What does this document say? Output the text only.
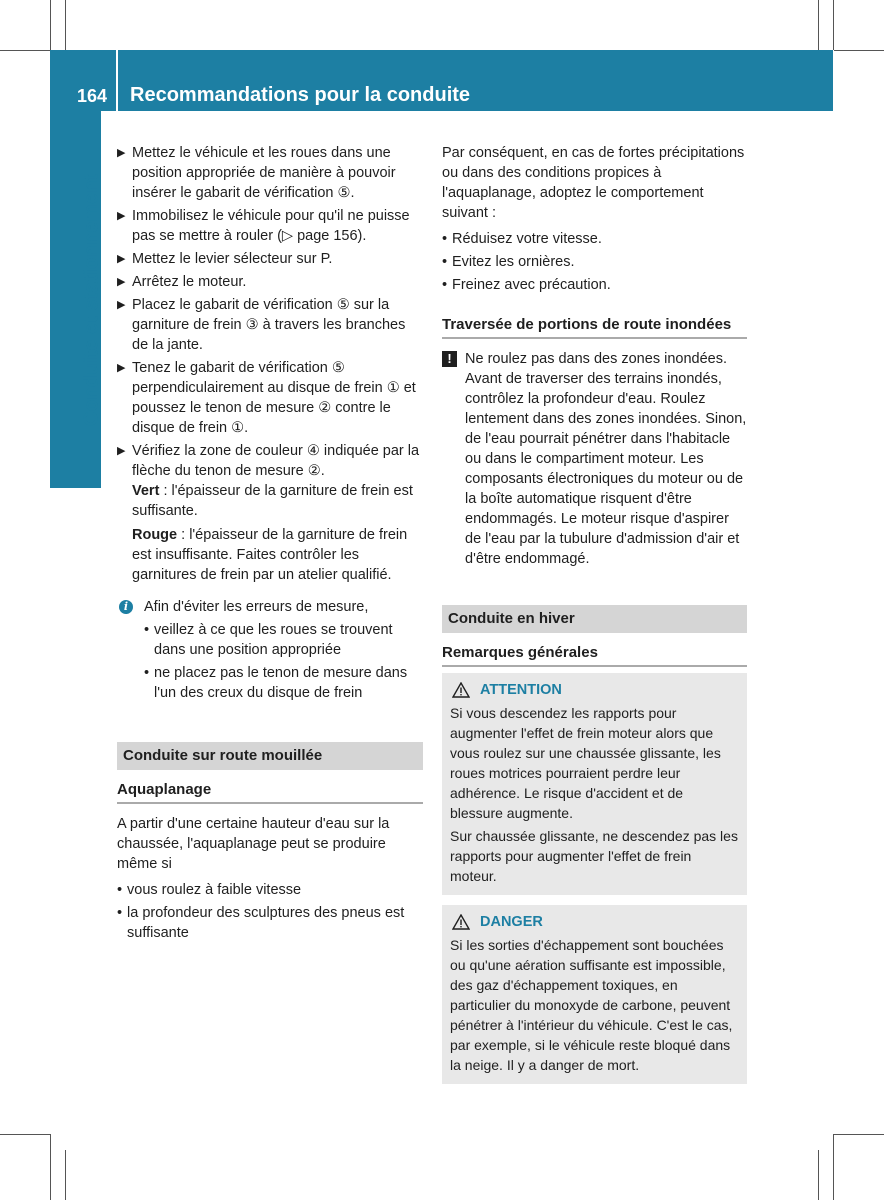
164 Recommandations pour la conduite
Conduite et stationnement
▶ Mettez le véhicule et les roues dans une position appropriée de manière à pouvoir insérer le gabarit de vérification ⑤.
▶ Immobilisez le véhicule pour qu'il ne puisse pas se mettre à rouler (▷ page 156).
▶ Mettez le levier sélecteur sur P.
▶ Arrêtez le moteur.
▶ Placez le gabarit de vérification ⑤ sur la garniture de frein ③ à travers les branches de la jante.
▶ Tenez le gabarit de vérification ⑤ perpendiculairement au disque de frein ① et poussez le tenon de mesure ② contre le disque de frein ①.
▶ Vérifiez la zone de couleur ④ indiquée par la flèche du tenon de mesure ②.

Vert : l'épaisseur de la garniture de frein est suffisante.

Rouge : l'épaisseur de la garniture de frein est insuffisante. Faites contrôler les garnitures de frein par un atelier qualifié.

i	Afin d'éviter les erreurs de mesure,

• veillez à ce que les roues se trouvent dans une position appropriée
• ne placez pas le tenon de mesure dans l'un des creux du disque de frein
Conduite sur route mouillée
Aquaplanage

A partir d'une certaine hauteur d'eau sur la chaussée, l'aquaplanage peut se produire même si

• vous roulez à faible vitesse
• la profondeur des sculptures des pneus est suffisante

Par conséquent, en cas de fortes précipitations ou dans des conditions propices à l'aquaplanage, adoptez le comportement suivant :

• Réduisez votre vitesse.
• Evitez les ornières.
• Freinez avec précaution.
Traversée de portions de route inondées
! Ne roulez pas dans des zones inondées. Avant de traverser des terrains inondés, contrôlez la profondeur d'eau. Roulez lentement dans des zones inondées. Sinon, de l'eau pourrait pénétrer dans l'habitacle ou dans le compartiment moteur. Les composants électroniques du moteur ou de la boîte automatique risquent d'être endommagés. Le moteur risque d'aspirer de l'eau par la tubulure d'admission d'air et d'être endommagé.

Conduite en hiver
Remarques générales
ATTENTION

Si vous descendez les rapports pour augmenter l'effet de frein moteur alors que vous roulez sur une chaussée glissante, les roues motrices pourraient perdre leur adhérence. Le risque d'accident et de blessure augmente.

Sur chaussée glissante, ne descendez pas les rapports pour augmenter l'effet de frein moteur.

DANGER

Si les sorties d'échappement sont bouchées ou qu'une aération suffisante est impossible, des gaz d'échappement toxiques, en particulier du monoxyde de carbone, peuvent pénétrer à l'intérieur du véhicule. C'est le cas, par exemple, si le véhicule reste bloqué dans la neige. Il y a danger de mort.
